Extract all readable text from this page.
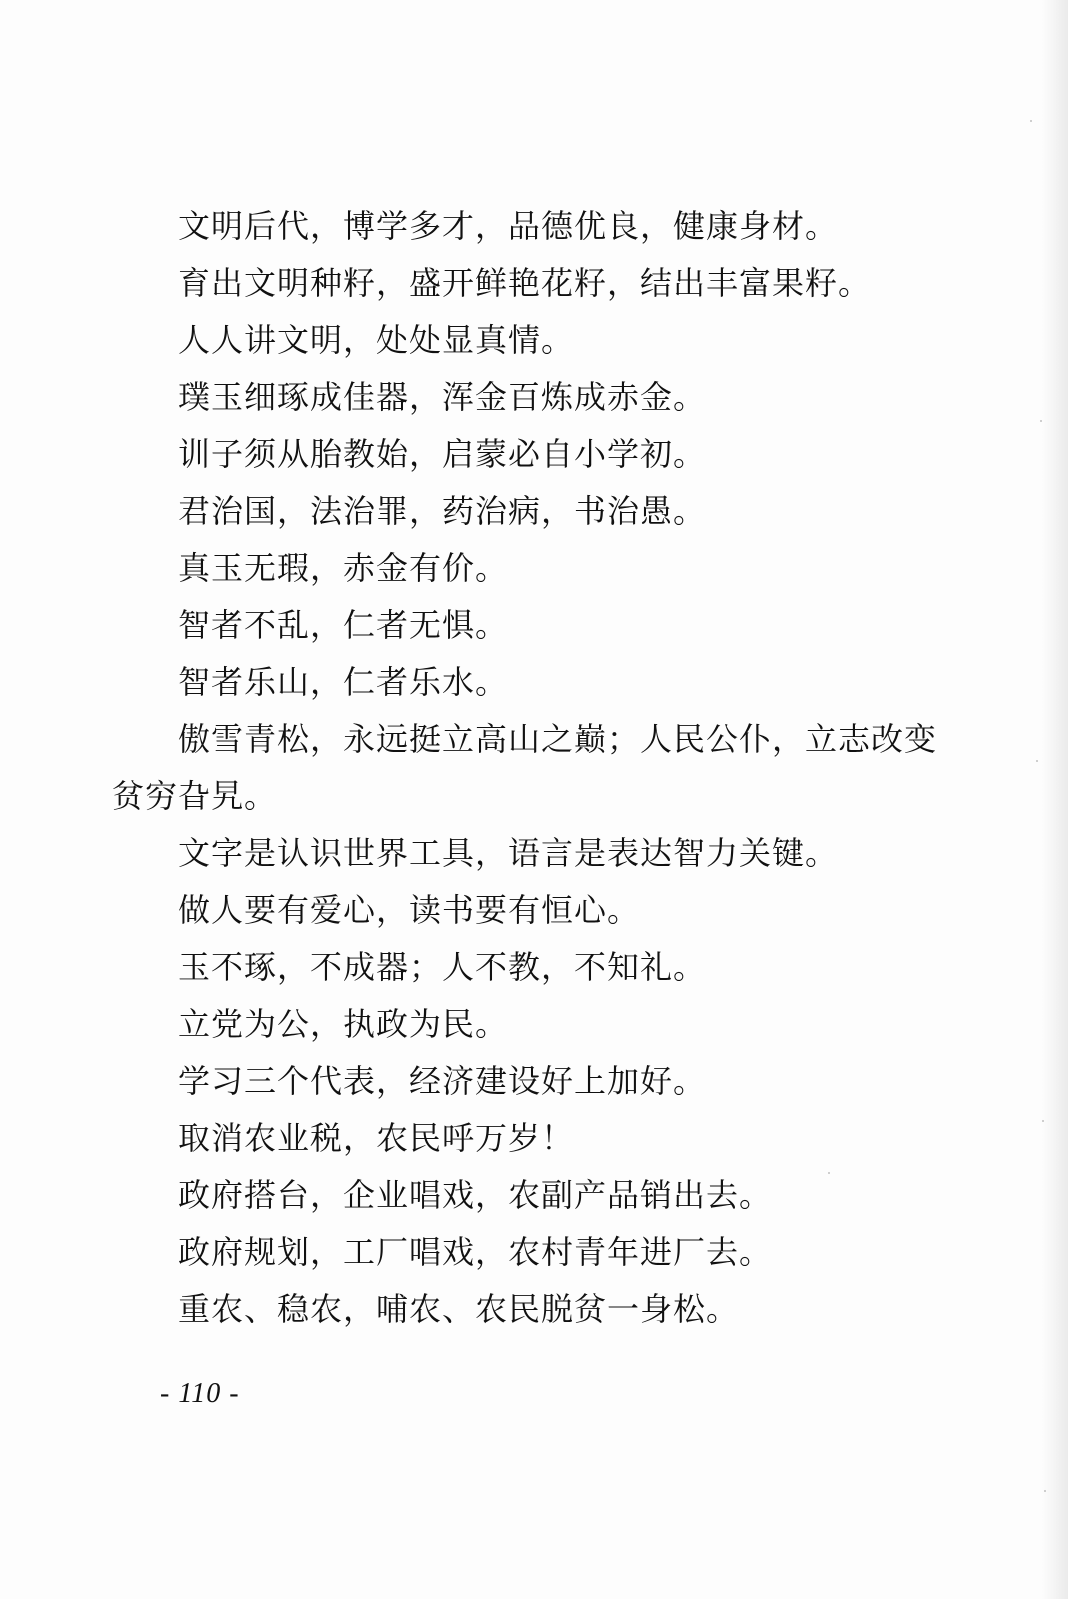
文明后代，博学多才，品德优良，健康身材。
育出文明种籽，盛开鲜艳花籽，结出丰富果籽。
人人讲文明，处处显真情。
璞玉细琢成佳器，浑金百炼成赤金。
训子须从胎教始，启蒙必自小学初。
君治国，法治罪，药治病，书治愚。
真玉无瑕，赤金有价。
智者不乱，仁者无惧。
智者乐山，仁者乐水。
傲雪青松，永远挺立高山之巅；人民公仆，立志改变
贫穷旮旯。
文字是认识世界工具，语言是表达智力关键。
做人要有爱心，读书要有恒心。
玉不琢，不成器；人不教，不知礼。
立党为公，执政为民。
学习三个代表，经济建设好上加好。
取消农业税，农民呼万岁！
政府搭台，企业唱戏，农副产品销出去。
政府规划，工厂唱戏，农村青年进厂去。
重农、稳农，哺农、农民脱贫一身松。
- 110 -
